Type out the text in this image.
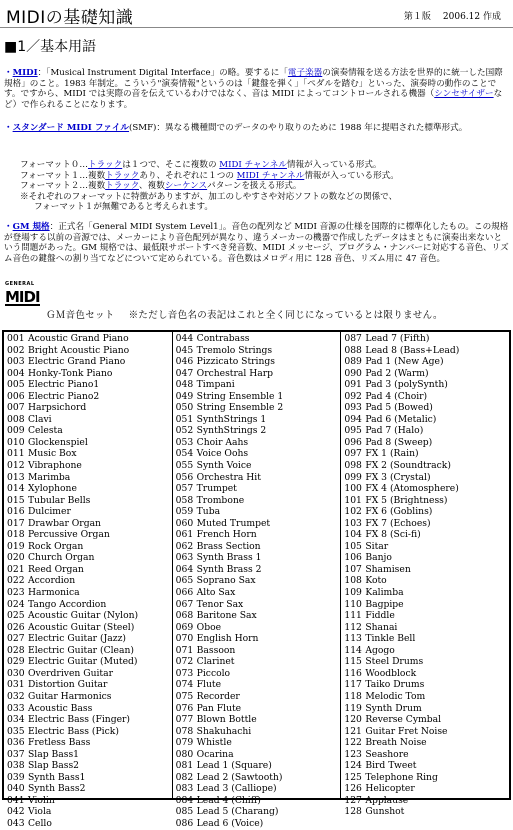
MIDIの基礎知識	第１版 2006.12 作成
■1／基本用語
・MIDI：「Musical Instrument Digital Interface」の略。要するに「電子楽器の演奏情報を送る方法を世界的に統一した国際規格」のこと。1983 年制定。こういう"演奏情報"というのは「鍵盤を弾く」「ペダルを踏む」といった、演奏時の動作のことです。ですから、MIDI では実際の音を伝えているわけではなく、音は MIDI によってコントロールされる機器（シンセサイザーなど）で作られることになります。
・スタンダード MIDI ファイル(SMF)：異なる機種間でのデータのやり取りのために 1988 年に提唱された標準形式。
フォーマット０…トラックは１つで、そこに複数の MIDI チャンネル情報が入っている形式。
フォーマット１…複数トラックあり、それぞれに１つの MIDI チャンネル情報が入っている形式。
フォーマット２…複数トラック、複数シーケンスパターンを扱える形式。
※それぞれのフォーマットに特徴がありますが、加工のしやすさや対応ソフトの数などの関係で、
フォーマット１が無難であると考えられます。
・GM 規格：正式名「General MIDI System Level1」。音色の配列など MIDI 音源の仕様を国際的に標準化したもの。この規格が登場する以前の音源では、メーカーにより音色配列が異なり、違うメーカーの機器で作成したデータはまともに演奏出来ないという問題があった。GM 規格では、最低限サポートすべき発音数、MIDI メッセージ、プログラム・ナンバーに対応する音色、リズム音色の鍵盤への割り当てなどについて定められている。音色数はメロディ用に 128 音色、リズム用に 47 音色。
GENERAL
MIDI
ＧＭ音色セット ※ただし音色名の表記はこれと全く同じになっているとは限りません。
001 Acoustic Grand Piano
002 Bright Acoustic Piano
003 Electric Grand Piano
004 Honky-Tonk Piano
005 Electric Piano1
006 Electric Piano2
007 Harpsichord
008 Clavi
009 Celesta
010 Glockenspiel
011 Music Box
012 Vibraphone
013 Marimba
014 Xylophone
015 Tubular Bells
016 Dulcimer
017 Drawbar Organ
018 Percussive Organ
019 Rock Organ
020 Church Organ
021 Reed Organ
022 Accordion
023 Harmonica
024 Tango Accordion
025 Acoustic Guitar (Nylon)
026 Acoustic Guitar (Steel)
027 Electric Guitar (Jazz)
028 Electric Guitar (Clean)
029 Electric Guitar (Muted)
030 Overdriven Guitar
031 Distortion Guitar
032 Guitar Harmonics
033 Acoustic Bass
034 Electric Bass (Finger)
035 Electric Bass (Pick)
036 Fretless Bass
037 Slap Bass1
038 Slap Bass2
039 Synth Bass1
040 Synth Bass2
041 Violin
042 Viola
043 Cello
044 Contrabass
045 Tremolo Strings
046 Pizzicato Strings
047 Orchestral Harp
048 Timpani
049 String Ensemble 1
050 String Ensemble 2
051 SynthStrings 1
052 SynthStrings 2
053 Choir Aahs
054 Voice Oohs
055 Synth Voice
056 Orchestra Hit
057 Trumpet
058 Trombone
059 Tuba
060 Muted Trumpet
061 French Horn
062 Brass Section
063 Synth Brass 1
064 Synth Brass 2
065 Soprano Sax
066 Alto Sax
067 Tenor Sax
068 Baritone Sax
069 Oboe
070 English Horn
071 Bassoon
072 Clarinet
073 Piccolo
074 Flute
075 Recorder
076 Pan Flute
077 Blown Bottle
078 Shakuhachi
079 Whistle
080 Ocarina
081 Lead 1 (Square)
082 Lead 2 (Sawtooth)
083 Lead 3 (Calliope)
084 Lead 4 (Chiff)
085 Lead 5 (Charang)
086 Lead 6 (Voice)
087 Lead 7 (Fifth)
088 Lead 8 (Bass+Lead)
089 Pad 1 (New Age)
090 Pad 2 (Warm)
091 Pad 3 (polySynth)
092 Pad 4 (Choir)
093 Pad 5 (Bowed)
094 Pad 6 (Metalic)
095 Pad 7 (Halo)
096 Pad 8 (Sweep)
097 FX 1 (Rain)
098 FX 2 (Soundtrack)
099 FX 3 (Crystal)
100 FX 4 (Atomosphere)
101 FX 5 (Brightness)
102 FX 6 (Goblins)
103 FX 7 (Echoes)
104 FX 8 (Sci-fi)
105 Sitar
106 Banjo
107 Shamisen
108 Koto
109 Kalimba
110 Bagpipe
111 Fiddle
112 Shanai
113 Tinkle Bell
114 Agogo
115 Steel Drums
116 Woodblock
117 Taiko Drums
118 Melodic Tom
119 Synth Drum
120 Reverse Cymbal
121 Guitar Fret Noise
122 Breath Noise
123 Seashore
124 Bird Tweet
125 Telephone Ring
126 Helicopter
127 Applause
128 Gunshot
